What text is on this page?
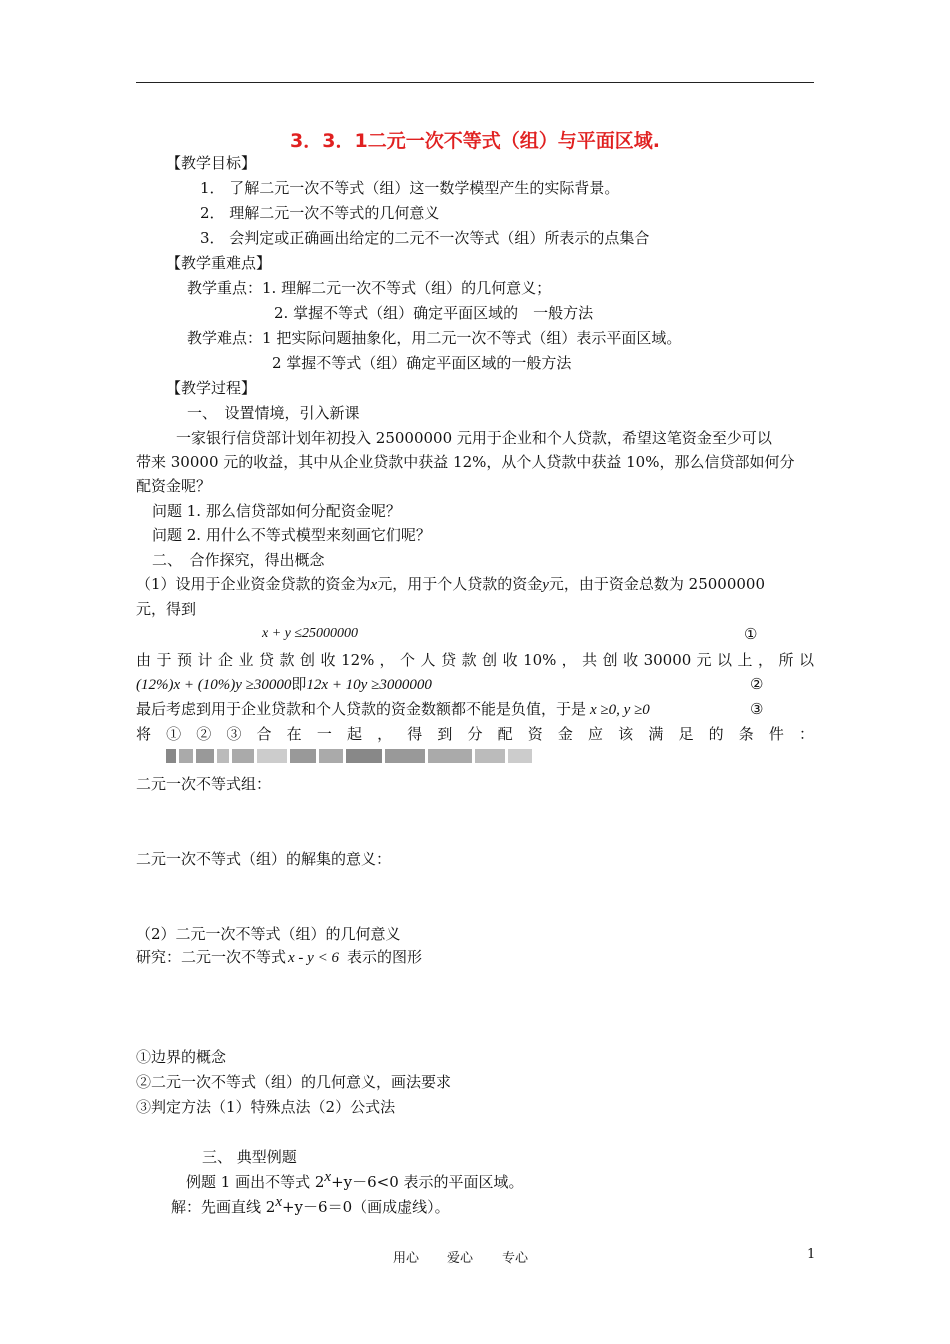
3．3．1二元一次不等式（组）与平面区域.
【教学目标】
1． 了解二元一次不等式（组）这一数学模型产生的实际背景。
2． 理解二元一次不等式的几何意义
3． 会判定或正确画出给定的二元不一次等式（组）所表示的点集合
【教学重难点】
教学重点：1. 理解二元一次不等式（组）的几何意义；
2. 掌握不等式（组）确定平面区域的　一般方法
教学难点：1 把实际问题抽象化，用二元一次不等式（组）表示平面区域。
2 掌握不等式（组）确定平面区域的一般方法
【教学过程】
一、　设置情境，引入新课
一家银行信贷部计划年初投入 25000000 元用于企业和个人贷款，希望这笔资金至少可以
带来 30000 元的收益，其中从企业贷款中获益 12%，从个人贷款中获益 10%，那么信贷部如何分
配资金呢？
问题 1. 那么信贷部如何分配资金呢？
问题 2. 用什么不等式模型来刻画它们呢？
二、　合作探究，得出概念
（1）设用于企业资金贷款的资金为x元，用于个人贷款的资金y元，由于资金总数为 25000000
元，得到
x + y ≤25000000	①
由 于 预 计 企 业 贷 款 创 收 12% ， 个 人 贷 款 创 收 10% ， 共 创 收 30000 元 以 上 ， 所 以
(12%)x + (10%)y ≥30000即12x + 10y ≥3000000	②
最后考虑到用于企业贷款和个人贷款的资金数额都不能是负值，于是 x ≥0, y ≥0	③
将 ① ② ③ 合 在 一 起 ， 得 到 分 配 资 金 应 该 满 足 的 条 件 ：
二元一次不等式组：
二元一次不等式（组）的解集的意义：
（2）二元一次不等式（组）的几何意义
研究：二元一次不等式 x - y < 6 表示的图形
①边界的概念
②二元一次不等式（组）的几何意义，画法要求
③判定方法（1）特殊点法（2）公式法
三、 典型例题
例题 1 画出不等式 2x+y－6<0 表示的平面区域。
解：先画直线 2x+y－6＝0（画成虚线）。
用心 爱心 专心	1
